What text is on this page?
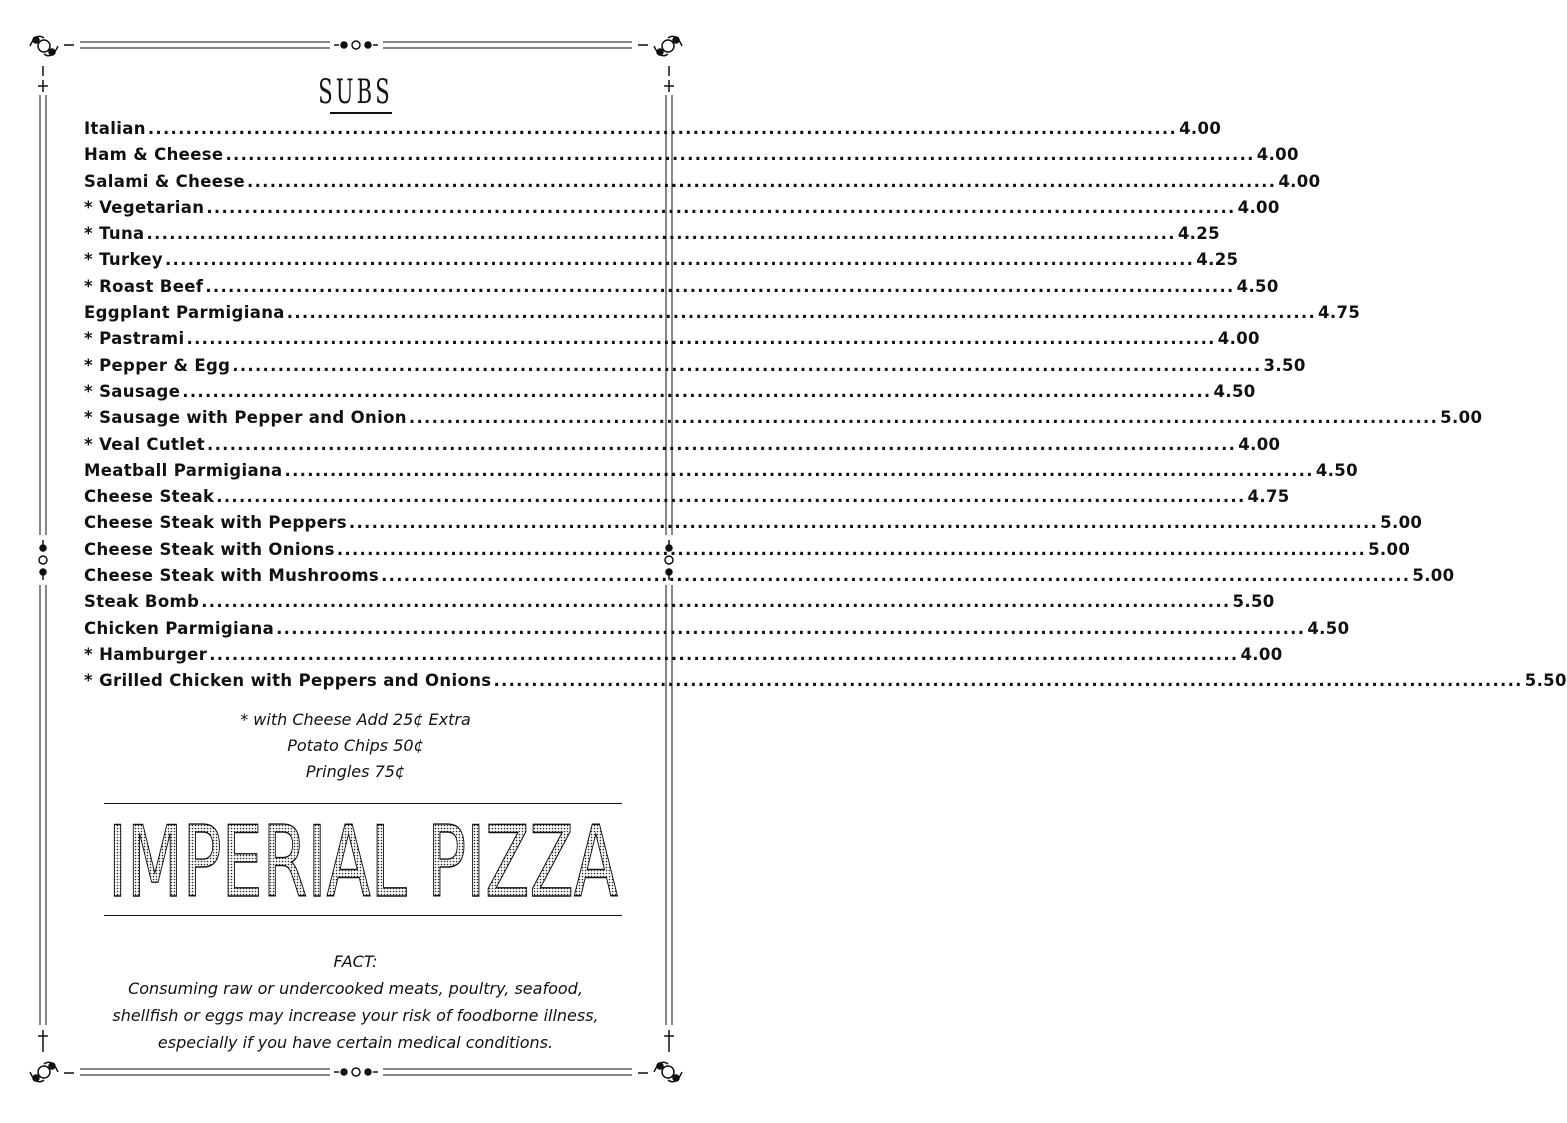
SUBS
Italian .....	4.00
Ham & Cheese .....	4.00
Salami & Cheese .....	4.00
* Vegetarian .....	4.00
* Tuna .....	4.25
* Turkey .....	4.25
* Roast Beef .....	4.50
Eggplant Parmigiana .....	4.75
* Pastrami .....	4.00
* Pepper & Egg .....	3.50
* Sausage .....	4.50
* Sausage with Pepper and Onion .....	5.00
* Veal Cutlet .....	4.00
Meatball Parmigiana .....	4.50
Cheese Steak .....	4.75
Cheese Steak with Peppers .....	5.00
Cheese Steak with Onions .....	5.00
Cheese Steak with Mushrooms .....	5.00
Steak Bomb .....	5.50
Chicken Parmigiana .....	4.50
* Hamburger .....	4.00
* Grilled Chicken with Peppers and Onions .....	5.50
* with Cheese Add 25¢ Extra
Potato Chips 50¢
Pringles 75¢
IMPERIAL PIZZA
FACT:
Consuming raw or undercooked meats, poultry, seafood,
shellfish or eggs may increase your risk of foodborne illness,
especially if you have certain medical conditions.
